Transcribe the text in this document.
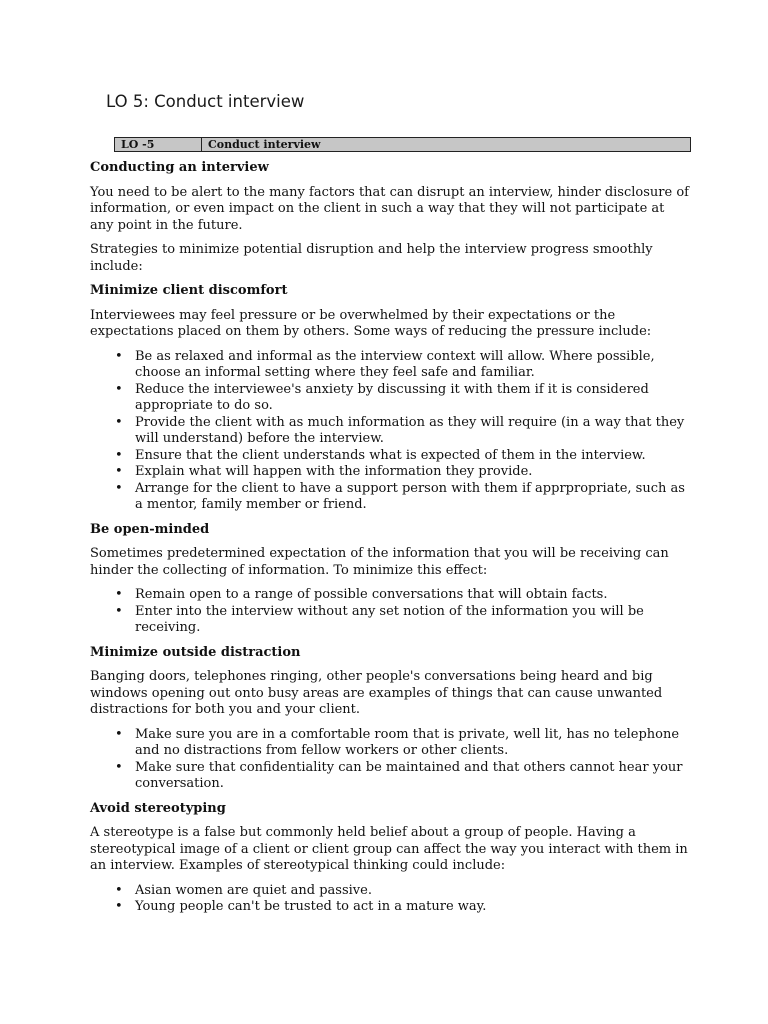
LO 5: Conduct interview
LO -5	Conduct interview
Conducting an interview

You need to be alert to the many factors that can disrupt an interview, hinder disclosure of information, or even impact on the client in such a way that they will not participate at any point in the future.

Strategies to minimize potential disruption and help the interview progress smoothly include:

Minimize client discomfort

Interviewees may feel pressure or be overwhelmed by their expectations or the expectations placed on them by others. Some ways of reducing the pressure include:

• Be as relaxed and informal as the interview context will allow. Where possible, choose an informal setting where they feel safe and familiar.
• Reduce the interviewee's anxiety by discussing it with them if it is considered appropriate to do so.
• Provide the client with as much information as they will require (in a way that they will understand) before the interview.
• Ensure that the client understands what is expected of them in the interview.
• Explain what will happen with the information they provide.
• Arrange for the client to have a support person with them if apprpropriate, such as a mentor, family member or friend.
Be open-minded

Sometimes predetermined expectation of the information that you will be receiving can hinder the collecting of information. To minimize this effect:

• Remain open to a range of possible conversations that will obtain facts.
• Enter into the interview without any set notion of the information you will be receiving.
Minimize outside distraction

Banging doors, telephones ringing, other people's conversations being heard and big windows opening out onto busy areas are examples of things that can cause unwanted distractions for both you and your client.

• Make sure you are in a comfortable room that is private, well lit, has no telephone and no distractions from fellow workers or other clients.
• Make sure that confidentiality can be maintained and that others cannot hear your conversation.
Avoid stereotyping

A stereotype is a false but commonly held belief about a group of people. Having a stereotypical image of a client or client group can affect the way you interact with them in an interview. Examples of stereotypical thinking could include:

• Asian women are quiet and passive.
• Young people can't be trusted to act in a mature way.
